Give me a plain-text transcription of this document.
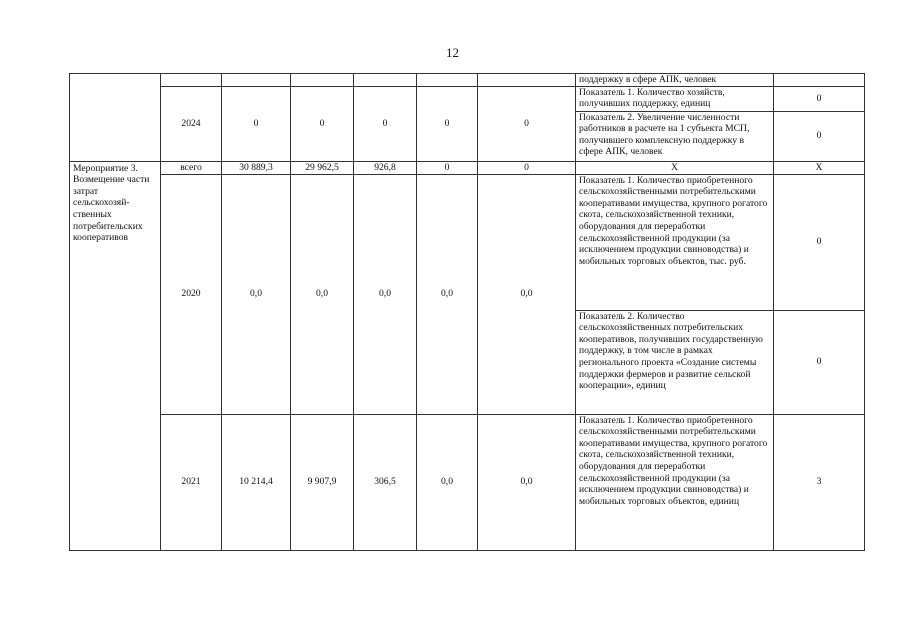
12
							поддержку в сфере АПК, человек	
	2024	0	0	0	0	0	Показатель 1. Количество хозяйств, получивших поддержку, единиц	0
							Показатель 2. Увеличение численности работников в расчете на 1 субъекта МСП, получившего комплексную поддержку в сфере АПК, человек	0
Мероприятие 3. Возмещение части затрат сельскохозяй-ственных потребительских кооперативов	всего	30 889,3	29 962,5	926,8	0	0	Х	Х
	2020	0,0	0,0	0,0	0,0	0,0	Показатель 1. Количество приобретенного сельскохозяйственными потребительскими кооперативами имущества, крупного рогатого скота, сельскохозяйственной техники, оборудования для переработки сельскохозяйственной продукции (за исключением продукции свиноводства) и мобильных торговых объектов, тыс. руб.	0
							Показатель 2. Количество сельскохозяйственных потребительских кооперативов, получивших государственную поддержку, в том числе в рамках регионального проекта «Создание системы поддержки фермеров и развитие сельской кооперации», единиц	0
	2021	10 214,4	9 907,9	306,5	0,0	0,0	Показатель 1. Количество приобретенного сельскохозяйственными потребительскими кооперативами имущества, крупного рогатого скота, сельскохозяйственной техники, оборудования для переработки сельскохозяйственной продукции (за исключением продукции свиноводства) и мобильных торговых объектов, единиц	3
